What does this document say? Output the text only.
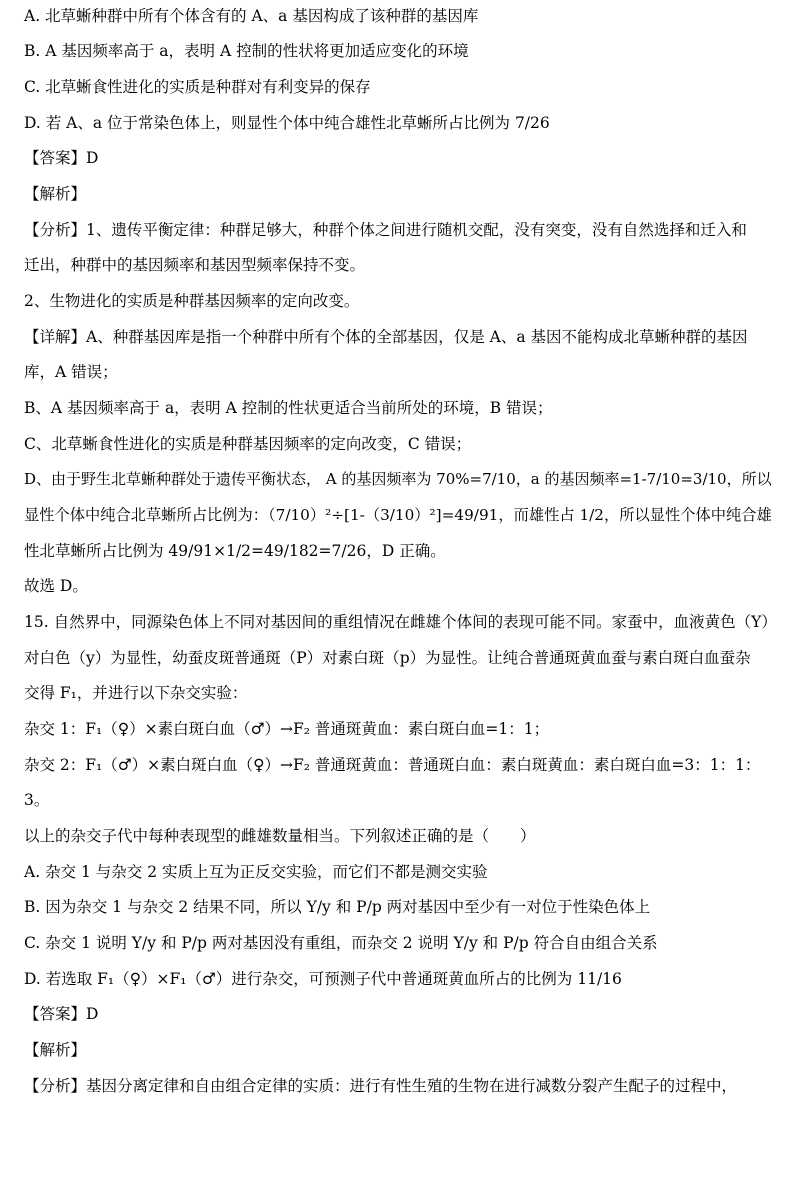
A. 北草蜥种群中所有个体含有的 A、a 基因构成了该种群的基因库
B. A 基因频率高于 a，表明 A 控制的性状将更加适应变化的环境
C. 北草蜥食性进化的实质是种群对有利变异的保存
D. 若 A、a 位于常染色体上，则显性个体中纯合雄性北草蜥所占比例为 7/26
【答案】D
【解析】
【分析】1、遗传平衡定律：种群足够大，种群个体之间进行随机交配，没有突变，没有自然选择和迁入和
迁出，种群中的基因频率和基因型频率保持不变。
2、生物进化的实质是种群基因频率的定向改变。
【详解】A、种群基因库是指一个种群中所有个体的全部基因，仅是 A、a 基因不能构成北草蜥种群的基因
库，A 错误；
B、A 基因频率高于 a，表明 A 控制的性状更适合当前所处的环境，B 错误；
C、北草蜥食性进化的实质是种群基因频率的定向改变，C 错误；
D、由于野生北草蜥种群处于遗传平衡状态， A 的基因频率为 70%=7/10，a 的基因频率=1-7/10=3/10，所以
显性个体中纯合北草蜥所占比例为：（7/10）²÷[1-（3/10）²]=49/91，而雄性占 1/2，所以显性个体中纯合雄
性北草蜥所占比例为 49/91×1/2=49/182=7/26，D 正确。
故选 D。
15. 自然界中，同源染色体上不同对基因间的重组情况在雌雄个体间的表现可能不同。家蚕中，血液黄色（Y）
对白色（y）为显性，幼蚕皮斑普通斑（P）对素白斑（p）为显性。让纯合普通斑黄血蚕与素白斑白血蚕杂
交得 F₁，并进行以下杂交实验：
杂交 1：F₁（♀）×素白斑白血（♂）→F₂ 普通斑黄血：素白斑白血=1：1；
杂交 2：F₁（♂）×素白斑白血（♀）→F₂ 普通斑黄血：普通斑白血：素白斑黄血：素白斑白血=3：1：1：
3。
以上的杂交子代中每种表现型的雌雄数量相当。下列叙述正确的是（　　）
A. 杂交 1 与杂交 2 实质上互为正反交实验，而它们不都是测交实验
B. 因为杂交 1 与杂交 2 结果不同，所以 Y/y 和 P/p 两对基因中至少有一对位于性染色体上
C. 杂交 1 说明 Y/y 和 P/p 两对基因没有重组，而杂交 2 说明 Y/y 和 P/p 符合自由组合关系
D. 若选取 F₁（♀）×F₁（♂）进行杂交，可预测子代中普通斑黄血所占的比例为 11/16
【答案】D
【解析】
【分析】基因分离定律和自由组合定律的实质：进行有性生殖的生物在进行减数分裂产生配子的过程中，
